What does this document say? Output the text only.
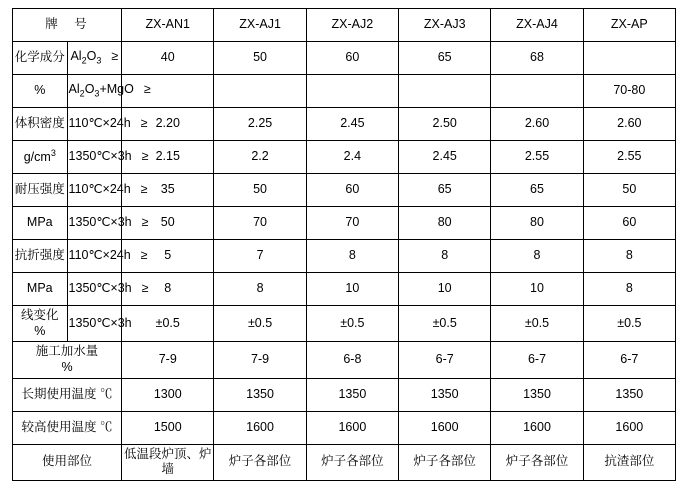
牌　号		ZX-AN1	ZX-AJ1	ZX-AJ2	ZX-AJ3	ZX-AJ4	ZX-AP
化学成分	$Al_2O_3$ ≥	40	50	60	65	68	
%	$Al_2O_3+MgO$ ≥						70-80
体积密度	110℃×24h ≥	2.20	2.25	2.45	2.50	2.60	2.60
$g/cm^3$	1350℃×3h ≥	2.15	2.2	2.4	2.45	2.55	2.55
耐压强度	110℃×24h ≥	35	50	60	65	65	50
MPa	1350℃×3h ≥	50	70	70	80	80	60
抗折强度	110℃×24h ≥	5	7	8	8	8	8
MPa	1350℃×3h ≥	8	8	10	10	10	8
线变化 %	1350℃×3h	±0.5	±0.5	±0.5	±0.5	±0.5	±0.5
施工加水量　　　%		7-9	7-9	6-8	6-7	6-7	6-7
长期使用温度 ℃		1300	1350	1350	1350	1350	1350
较高使用温度 ℃		1500	1600	1600	1600	1600	1600
使用部位		低温段炉顶、炉墙	炉子各部位	炉子各部位	炉子各部位	炉子各部位	抗渣部位
